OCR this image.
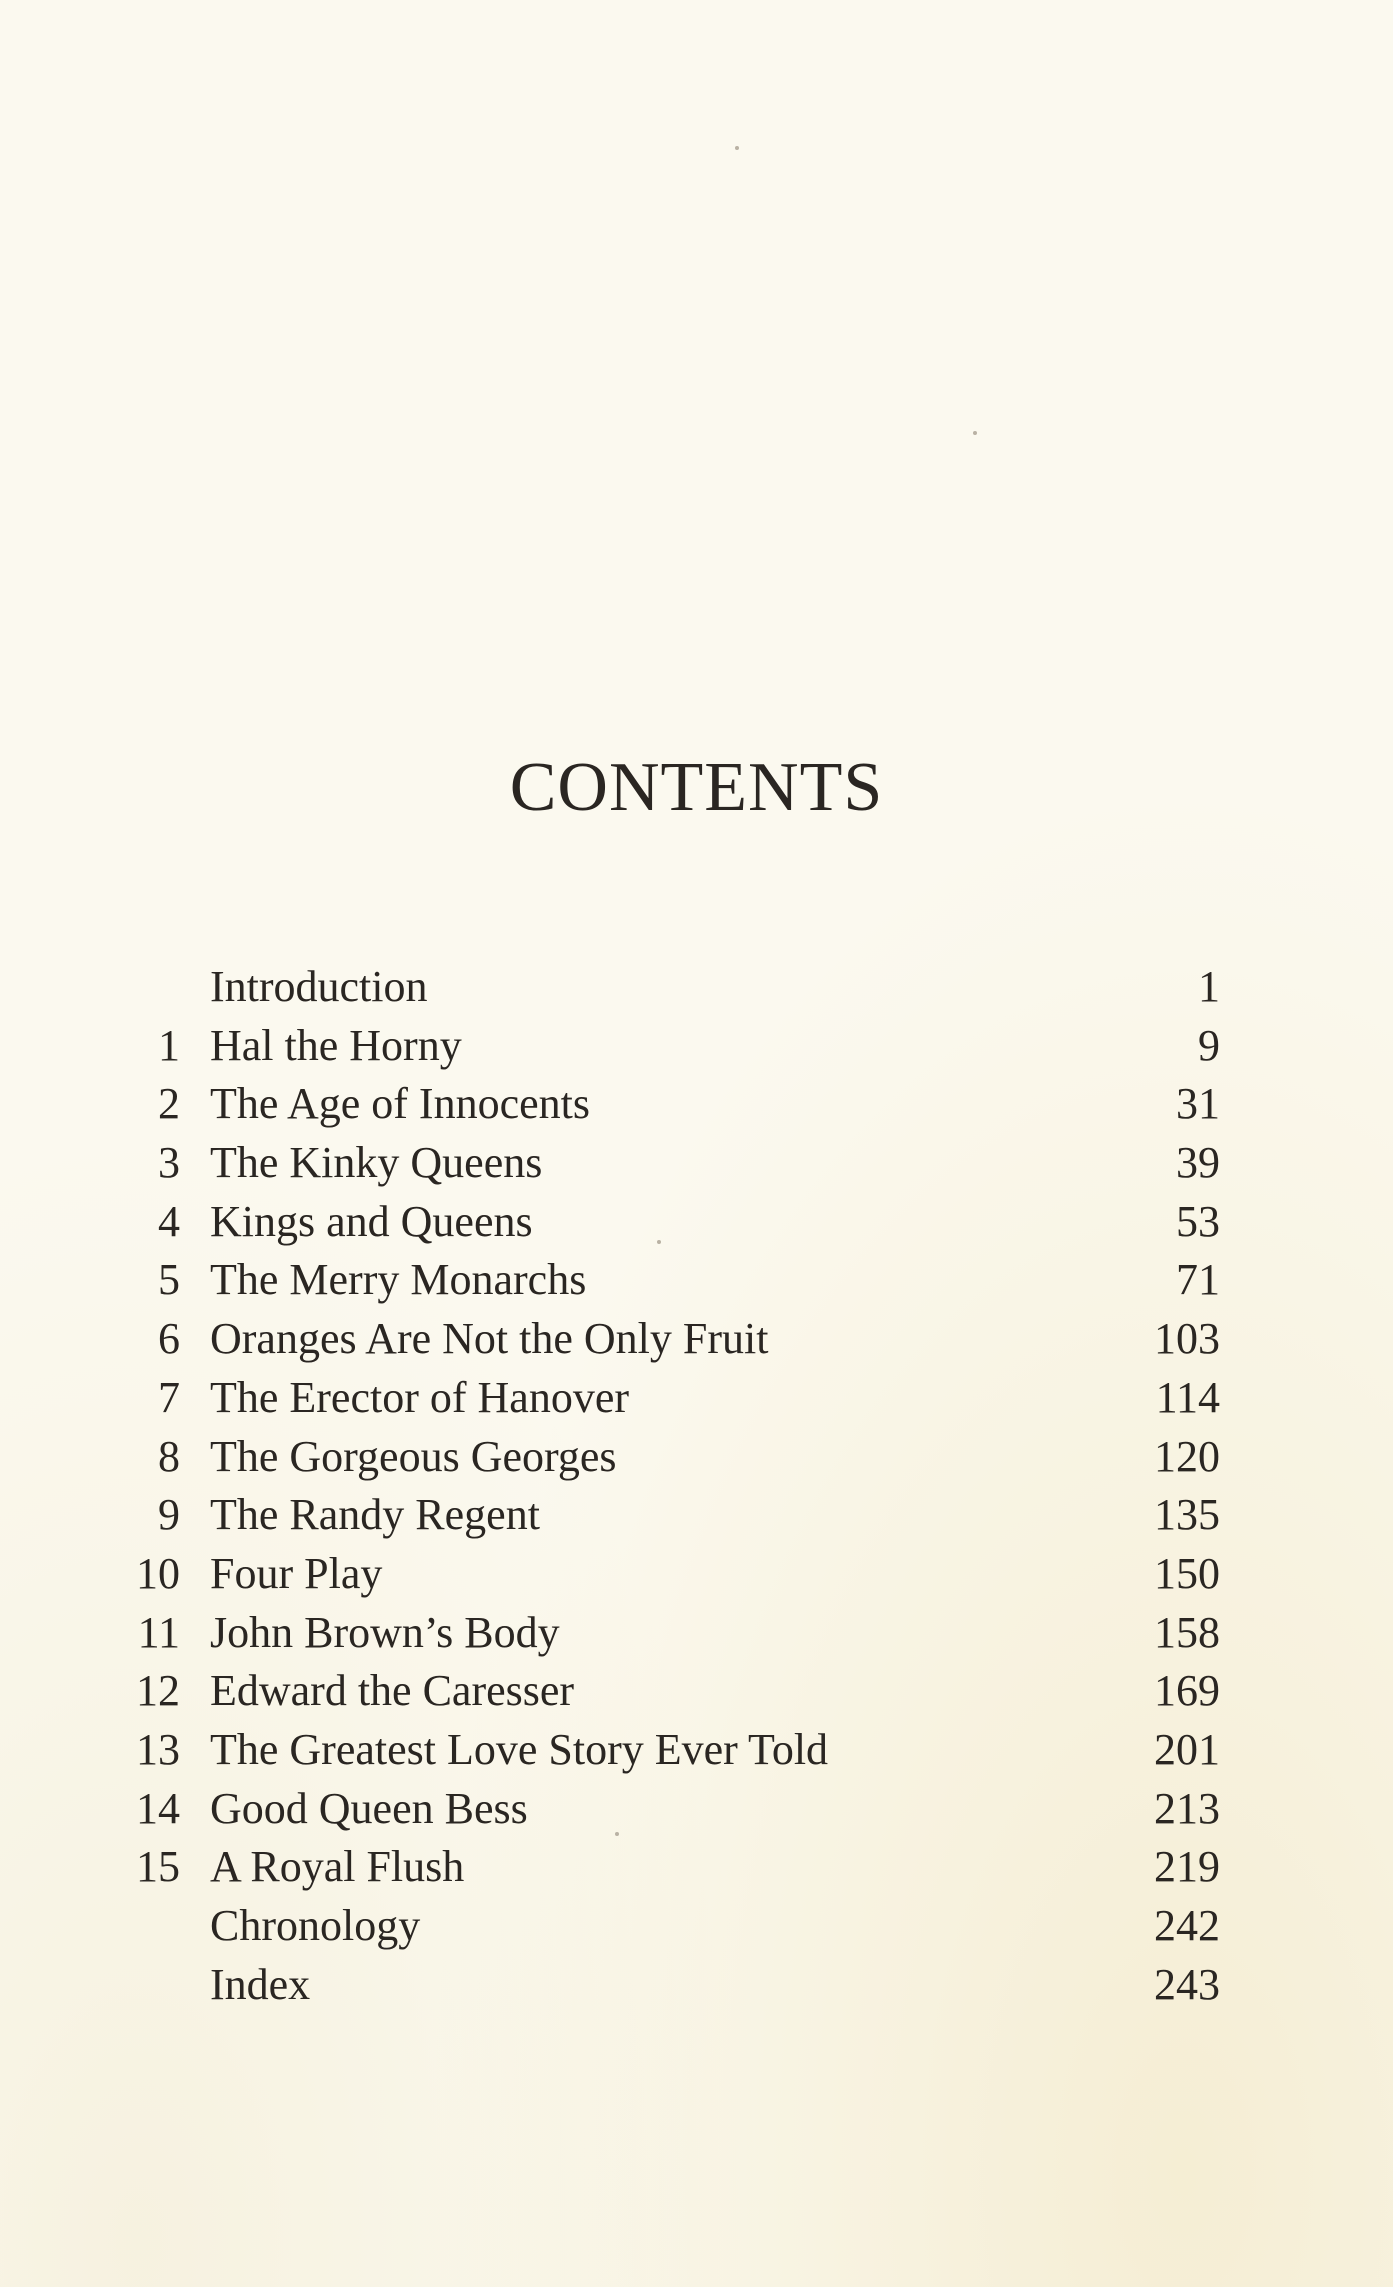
CONTENTS
Introduction	1
1 Hal the Horny	9
2 The Age of Innocents	31
3 The Kinky Queens	39
4 Kings and Queens	53
5 The Merry Monarchs	71
6 Oranges Are Not the Only Fruit	103
7 The Erector of Hanover	114
8 The Gorgeous Georges	120
9 The Randy Regent	135
10 Four Play	150
11 John Brown’s Body	158
12 Edward the Caresser	169
13 The Greatest Love Story Ever Told	201
14 Good Queen Bess	213
15 A Royal Flush	219
Chronology	242
Index	243
